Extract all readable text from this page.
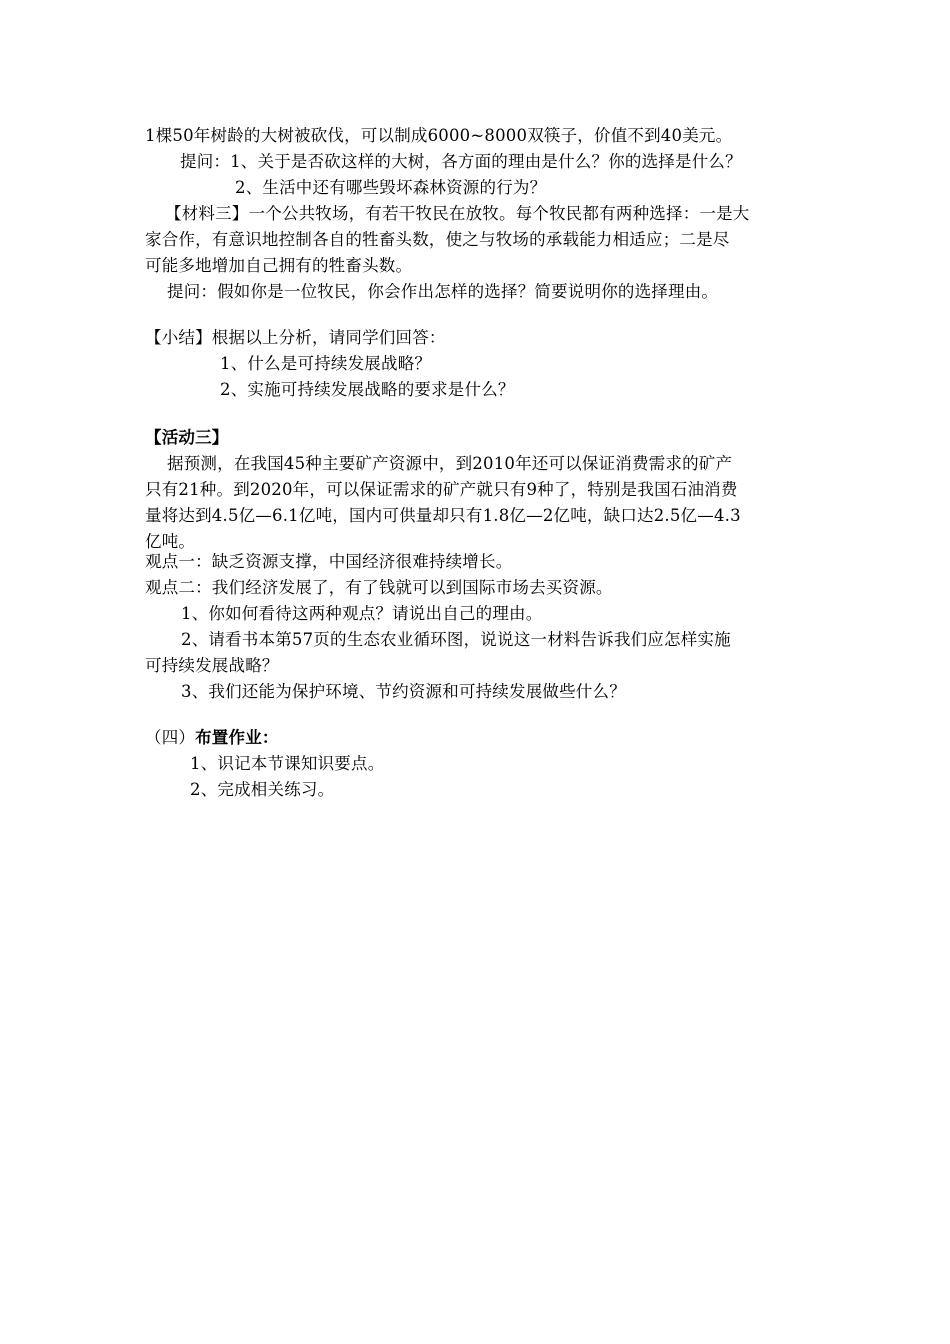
1棵50年树龄的大树被砍伐，可以制成6000~8000双筷子，价值不到40美元。
提问：1、关于是否砍这样的大树，各方面的理由是什么？你的选择是什么？
2、生活中还有哪些毁坏森林资源的行为？
【材料三】一个公共牧场，有若干牧民在放牧。每个牧民都有两种选择：一是大
家合作，有意识地控制各自的牲畜头数，使之与牧场的承载能力相适应；二是尽
可能多地增加自己拥有的牲畜头数。
提问：假如你是一位牧民，你会作出怎样的选择？简要说明你的选择理由。
【小结】根据以上分析，请同学们回答：
1、什么是可持续发展战略？
2、实施可持续发展战略的要求是什么？
【活动三】
据预测，在我国45种主要矿产资源中，到2010年还可以保证消费需求的矿产
只有21种。到2020年，可以保证需求的矿产就只有9种了，特别是我国石油消费
量将达到4.5亿—6.1亿吨，国内可供量却只有1.8亿—2亿吨，缺口达2.5亿—4.3
亿吨。
观点一：缺乏资源支撑，中国经济很难持续增长。
观点二：我们经济发展了，有了钱就可以到国际市场去买资源。
1、你如何看待这两种观点？请说出自己的理由。
2、请看书本第57页的生态农业循环图，说说这一材料告诉我们应怎样实施
可持续发展战略？
3、我们还能为保护环境、节约资源和可持续发展做些什么？
（四）布置作业：
1、识记本节课知识要点。
2、完成相关练习。
